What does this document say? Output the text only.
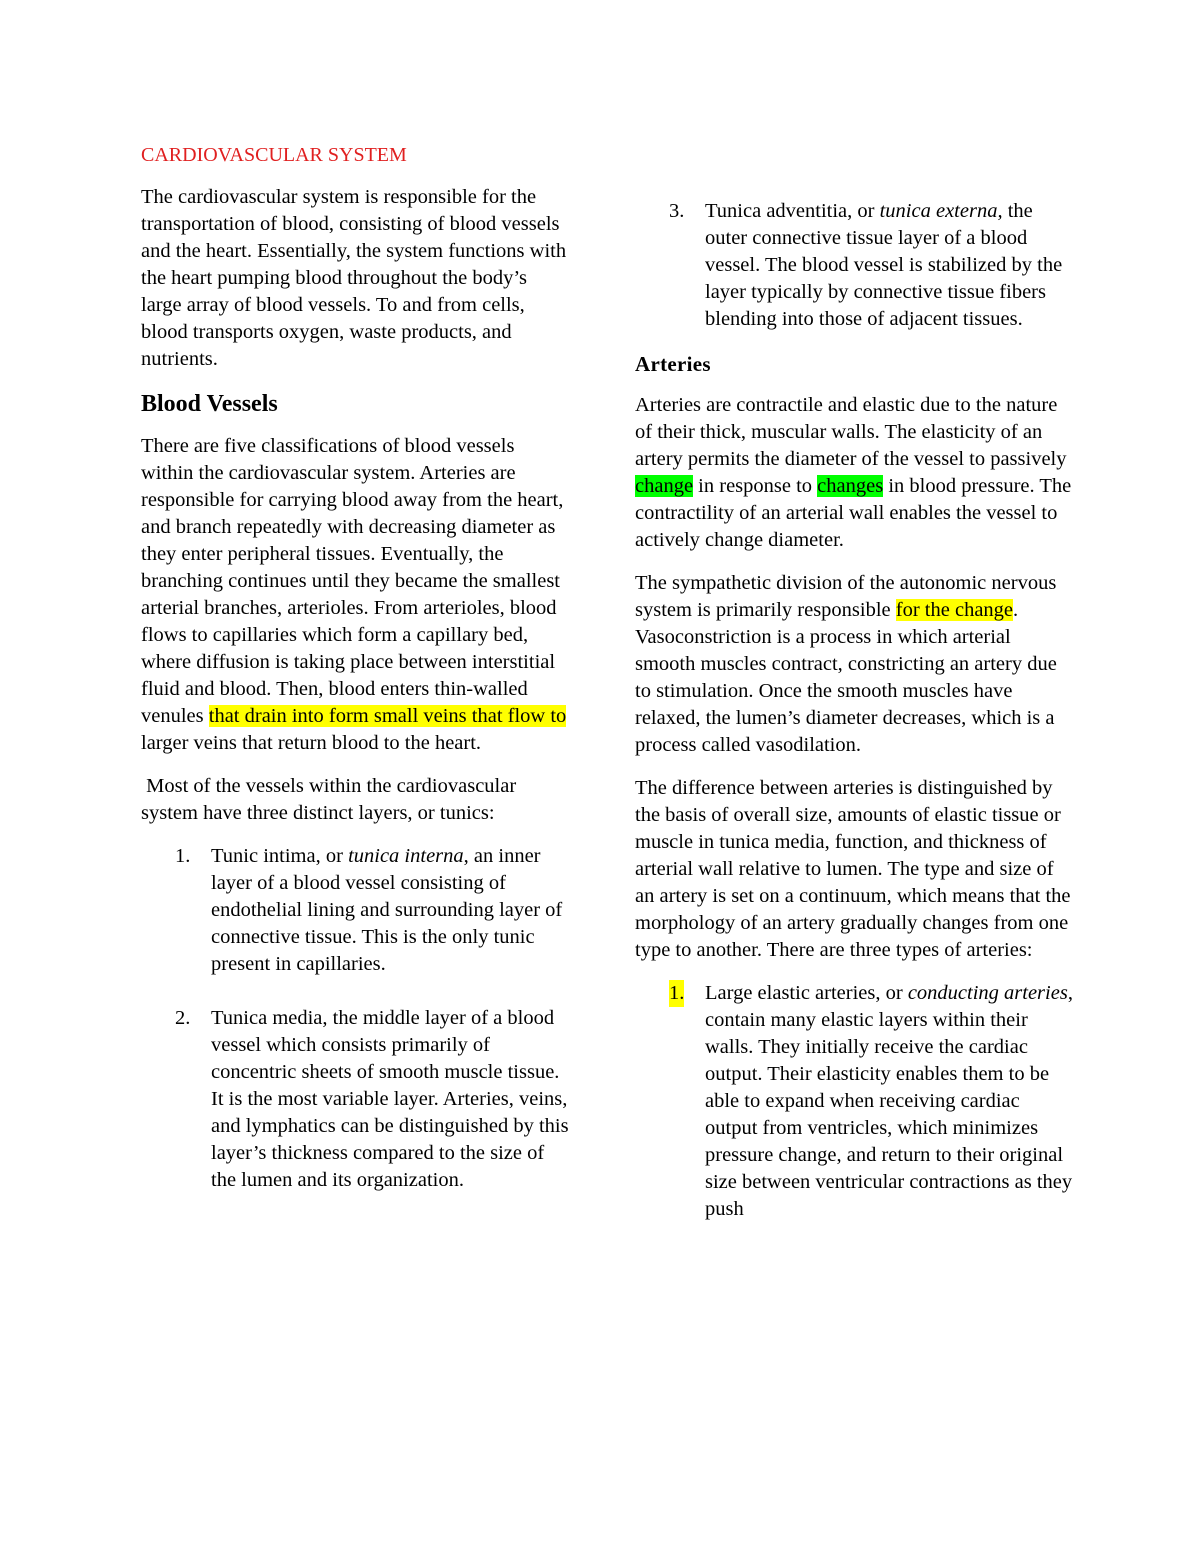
CARDIOVASCULAR SYSTEM

The cardiovascular system is responsible for the transportation of blood, consisting of blood vessels and the heart. Essentially, the system functions with the heart pumping blood throughout the body’s large array of blood vessels. To and from cells, blood transports oxygen, waste products, and nutrients.

Blood Vessels

There are five classifications of blood vessels within the cardiovascular system. Arteries are responsible for carrying blood away from the heart, and branch repeatedly with decreasing diameter as they enter peripheral tissues. Eventually, the branching continues until they became the smallest arterial branches, arterioles. From arterioles, blood flows to capillaries which form a capillary bed, where diffusion is taking place between interstitial fluid and blood. Then, blood enters thin-walled venules that drain into form small veins that flow to larger veins that return blood to the heart.

Most of the vessels within the cardiovascular system have three distinct layers, or tunics:

1. Tunic intima, or tunica interna, an inner layer of a blood vessel consisting of endothelial lining and surrounding layer of connective tissue. This is the only tunic present in capillaries.
2. Tunica media, the middle layer of a blood vessel which consists primarily of concentric sheets of smooth muscle tissue. It is the most variable layer. Arteries, veins, and lymphatics can be distinguished by this layer’s thickness compared to the size of the lumen and its organization.
3. Tunica adventitia, or tunica externa, the outer connective tissue layer of a blood vessel. The blood vessel is stabilized by the layer typically by connective tissue fibers blending into those of adjacent tissues.
Arteries

Arteries are contractile and elastic due to the nature of their thick, muscular walls. The elasticity of an artery permits the diameter of the vessel to passively change in response to changes in blood pressure. The contractility of an arterial wall enables the vessel to actively change diameter.

The sympathetic division of the autonomic nervous system is primarily responsible for the change. Vasoconstriction is a process in which arterial smooth muscles contract, constricting an artery due to stimulation. Once the smooth muscles have relaxed, the lumen’s diameter decreases, which is a process called vasodilation.

The difference between arteries is distinguished by the basis of overall size, amounts of elastic tissue or muscle in tunica media, function, and thickness of arterial wall relative to lumen. The type and size of an artery is set on a continuum, which means that the morphology of an artery gradually changes from one type to another. There are three types of arteries:

1. Large elastic arteries, or conducting arteries, contain many elastic layers within their walls. They initially receive the cardiac output. Their elasticity enables them to be able to expand when receiving cardiac output from ventricles, which minimizes pressure change, and return to their original size between ventricular contractions as they push
